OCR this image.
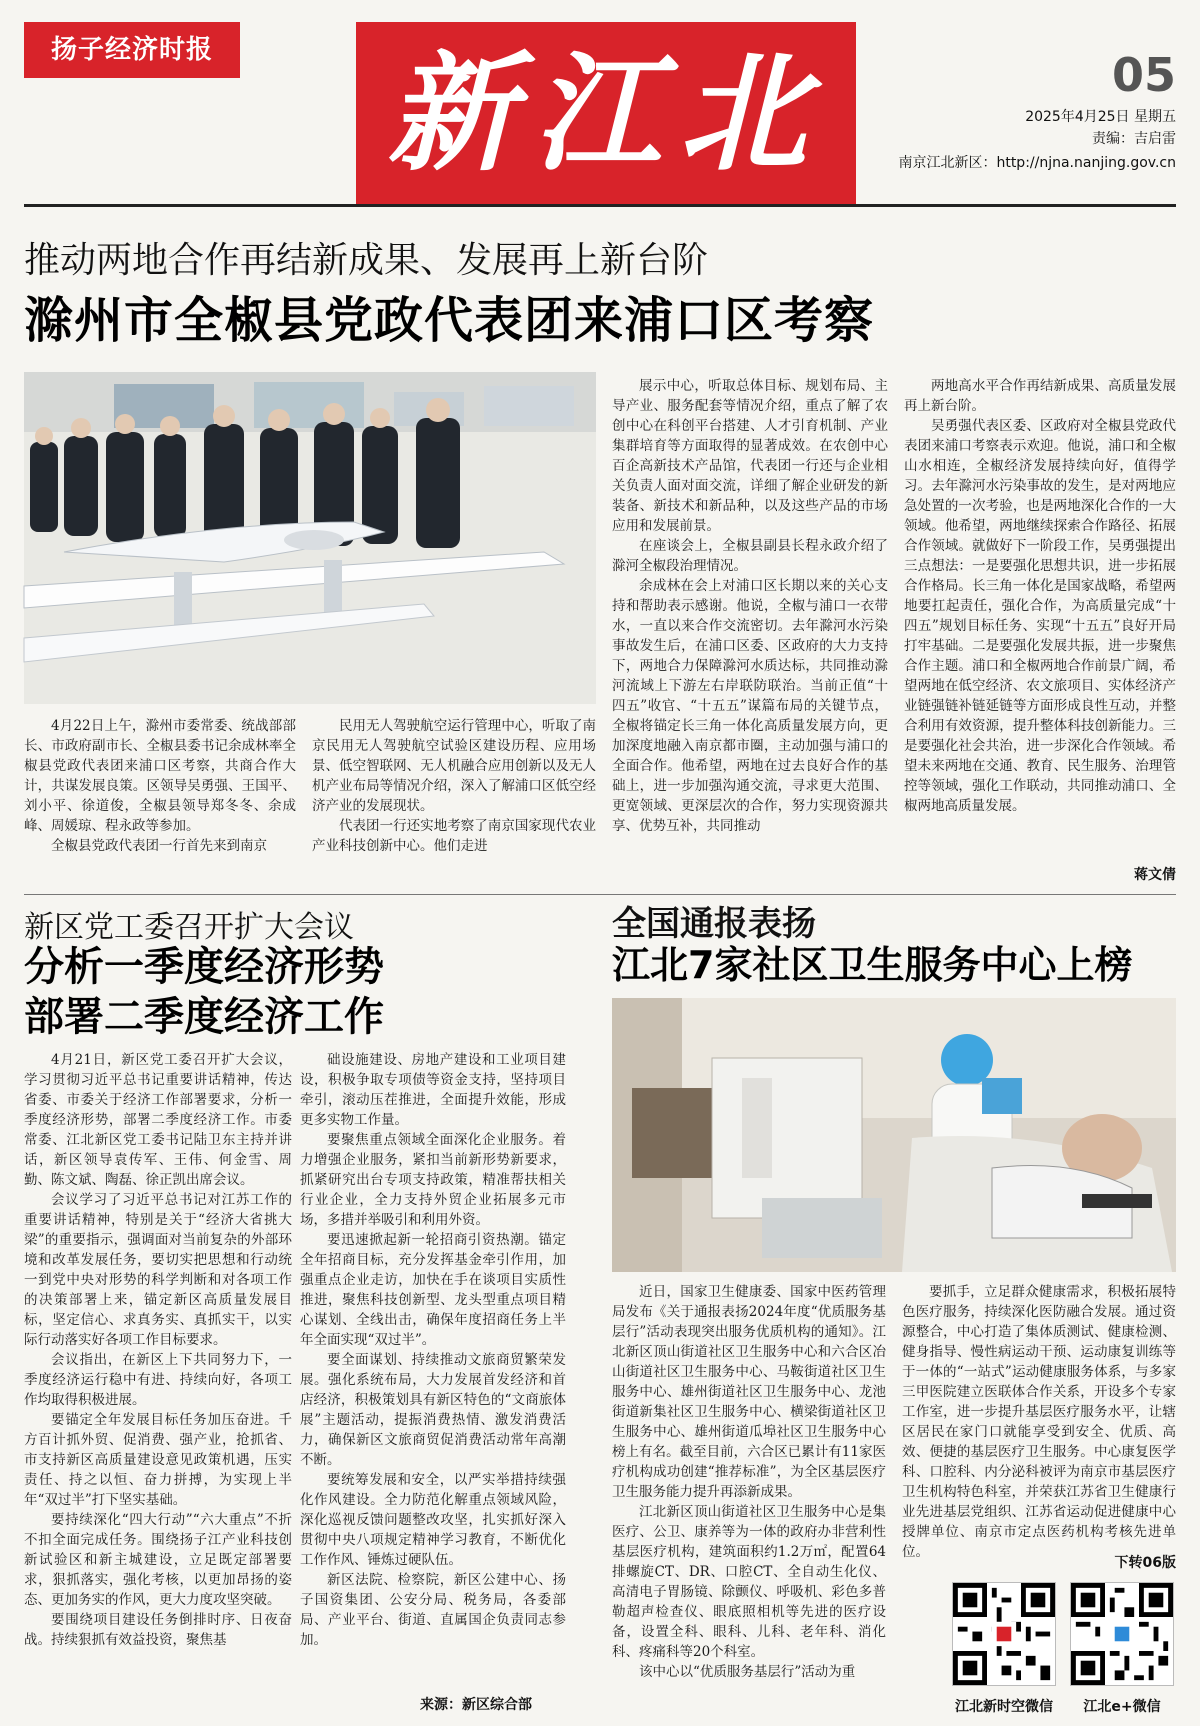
扬子经济时报 新江北	05
2025年4月25日 星期五
责编：吉启雷
南京江北新区：http://njna.nanjing.gov.cn
推动两地合作再结新成果、发展再上新台阶
滁州市全椒县党政代表团来浦口区考察

4月22日上午，滁州市委常委、统战部部长、市政府副市长、全椒县委书记余成林率全椒县党政代表团来浦口区考察，共商合作大计，共谋发展良策。区领导吴勇强、王国平、刘小平、徐道俊，全椒县领导郑冬冬、余成峰、周媛琼、程永政等参加。

全椒县党政代表团一行首先来到南京

民用无人驾驶航空运行管理中心，听取了南京民用无人驾驶航空试验区建设历程、应用场景、低空智联网、无人机融合应用创新以及无人机产业布局等情况介绍，深入了解浦口区低空经济产业的发展现状。

代表团一行还实地考察了南京国家现代农业产业科技创新中心。他们走进

展示中心，听取总体目标、规划布局、主导产业、服务配套等情况介绍，重点了解了农创中心在科创平台搭建、人才引育机制、产业集群培育等方面取得的显著成效。在农创中心百企高新技术产品馆，代表团一行还与企业相关负责人面对面交流，详细了解企业研发的新装备、新技术和新品种，以及这些产品的市场应用和发展前景。

在座谈会上，全椒县副县长程永政介绍了滁河全椒段治理情况。

余成林在会上对浦口区长期以来的关心支持和帮助表示感谢。他说，全椒与浦口一衣带水，一直以来合作交流密切。去年滁河水污染事故发生后，在浦口区委、区政府的大力支持下，两地合力保障滁河水质达标，共同推动滁河流域上下游左右岸联防联治。当前正值“十四五”收官、“十五五”谋篇布局的关键节点，全椒将锚定长三角一体化高质量发展方向，更加深度地融入南京都市圈，主动加强与浦口的全面合作。他希望，两地在过去良好合作的基础上，进一步加强沟通交流，寻求更大范围、更宽领域、更深层次的合作，努力实现资源共享、优势互补，共同推动

两地高水平合作再结新成果、高质量发展再上新台阶。

吴勇强代表区委、区政府对全椒县党政代表团来浦口考察表示欢迎。他说，浦口和全椒山水相连，全椒经济发展持续向好，值得学习。去年滁河水污染事故的发生，是对两地应急处置的一次考验，也是两地深化合作的一大领域。他希望，两地继续探索合作路径、拓展合作领域。就做好下一阶段工作，吴勇强提出三点想法：一是要强化思想共识，进一步拓展合作格局。长三角一体化是国家战略，希望两地要扛起责任，强化合作，为高质量完成“十四五”规划目标任务、实现“十五五”良好开局打牢基础。二是要强化发展共振，进一步聚焦合作主题。浦口和全椒两地合作前景广阔，希望两地在低空经济、农文旅项目、实体经济产业链强链补链延链等方面形成良性互动，并整合利用有效资源，提升整体科技创新能力。三是要强化社会共治，进一步深化合作领域。希望未来两地在交通、教育、民生服务、治理管控等领域，强化工作联动，共同推动浦口、全椒两地高质量发展。

蒋文倩
新区党工委召开扩大会议
分析一季度经济形势
部署二季度经济工作

4月21日，新区党工委召开扩大会议，学习贯彻习近平总书记重要讲话精神，传达省委、市委关于经济工作部署要求，分析一季度经济形势，部署二季度经济工作。市委常委、江北新区党工委书记陆卫东主持并讲话，新区领导袁传军、王伟、何金雪、周勤、陈文斌、陶磊、徐正凯出席会议。

会议学习了习近平总书记对江苏工作的重要讲话精神，特别是关于“经济大省挑大梁”的重要指示，强调面对当前复杂的外部环境和改革发展任务，要切实把思想和行动统一到党中央对形势的科学判断和对各项工作的决策部署上来，锚定新区高质量发展目标，坚定信心、求真务实、真抓实干，以实际行动落实好各项工作目标要求。

会议指出，在新区上下共同努力下，一季度经济运行稳中有进、持续向好，各项工作均取得积极进展。

要锚定全年发展目标任务加压奋进。千方百计抓外贸、促消费、强产业，抢抓省、市支持新区高质量建设意见政策机遇，压实责任、持之以恒、奋力拼搏，为实现上半年“双过半”打下坚实基础。

要持续深化“四大行动”“六大重点”不折不扣全面完成任务。围绕扬子江产业科技创新试验区和新主城建设，立足既定部署要求，狠抓落实，强化考核，以更加昂扬的姿态、更加务实的作风，更大力度攻坚突破。

要围绕项目建设任务倒排时序、日夜奋战。持续狠抓有效益投资，聚焦基

础设施建设、房地产建设和工业项目建设，积极争取专项债等资金支持，坚持项目牵引，滚动压茬推进，全面提升效能，形成更多实物工作量。

要聚焦重点领域全面深化企业服务。着力增强企业服务，紧扣当前新形势新要求，抓紧研究出台专项支持政策，精准帮扶相关行业企业，全力支持外贸企业拓展多元市场，多措并举吸引和利用外资。

要迅速掀起新一轮招商引资热潮。锚定全年招商目标，充分发挥基金牵引作用，加强重点企业走访，加快在手在谈项目实质性推进，聚焦科技创新型、龙头型重点项目精心谋划、全线出击，确保年度招商任务上半年全面实现“双过半”。

要全面谋划、持续推动文旅商贸繁荣发展。强化系统布局，大力发展首发经济和首店经济，积极策划具有新区特色的“文商旅体展”主题活动，提振消费热情、激发消费活力，确保新区文旅商贸促消费活动常年高潮不断。

要统筹发展和安全，以严实举措持续强化作风建设。全力防范化解重点领域风险，深化巡视反馈问题整改攻坚，扎实抓好深入贯彻中央八项规定精神学习教育，不断优化工作作风、锤炼过硬队伍。

新区法院、检察院，新区公建中心、扬子国资集团、公安分局、税务局，各委部局、产业平台、街道、直属国企负责同志参加。

来源：新区综合部
全国通报表扬
江北7家社区卫生服务中心上榜

近日，国家卫生健康委、国家中医药管理局发布《关于通报表扬2024年度“优质服务基层行”活动表现突出服务优质机构的通知》。江北新区顶山街道社区卫生服务中心和六合区冶山街道社区卫生服务中心、马鞍街道社区卫生服务中心、雄州街道社区卫生服务中心、龙池街道新集社区卫生服务中心、横梁街道社区卫生服务中心、雄州街道瓜埠社区卫生服务中心榜上有名。截至目前，六合区已累计有11家医疗机构成功创建“推荐标准”，为全区基层医疗卫生服务能力提升再添新成果。

江北新区顶山街道社区卫生服务中心是集医疗、公卫、康养等为一体的政府办非营利性基层医疗机构，建筑面积约1.2万㎡，配置64排螺旋CT、DR、口腔CT、全自动生化仪、高清电子胃肠镜、除颤仪、呼吸机、彩色多普勒超声检查仪、眼底照相机等先进的医疗设备，设置全科、眼科、儿科、老年科、消化科、疼痛科等20个科室。

该中心以“优质服务基层行”活动为重

要抓手，立足群众健康需求，积极拓展特色医疗服务，持续深化医防融合发展。通过资源整合，中心打造了集体质测试、健康检测、健身指导、慢性病运动干预、运动康复训练等于一体的“一站式”运动健康服务体系，与多家三甲医院建立医联体合作关系，开设多个专家工作室，进一步提升基层医疗服务水平，让辖区居民在家门口就能享受到安全、优质、高效、便捷的基层医疗卫生服务。中心康复医学科、口腔科、内分泌科被评为南京市基层医疗卫生机构特色科室，并荣获江苏省卫生健康行业先进基层党组织、江苏省运动促进健康中心授牌单位、南京市定点医药机构考核先进单位。

下转06版
江北新时空微信	江北e+微信
